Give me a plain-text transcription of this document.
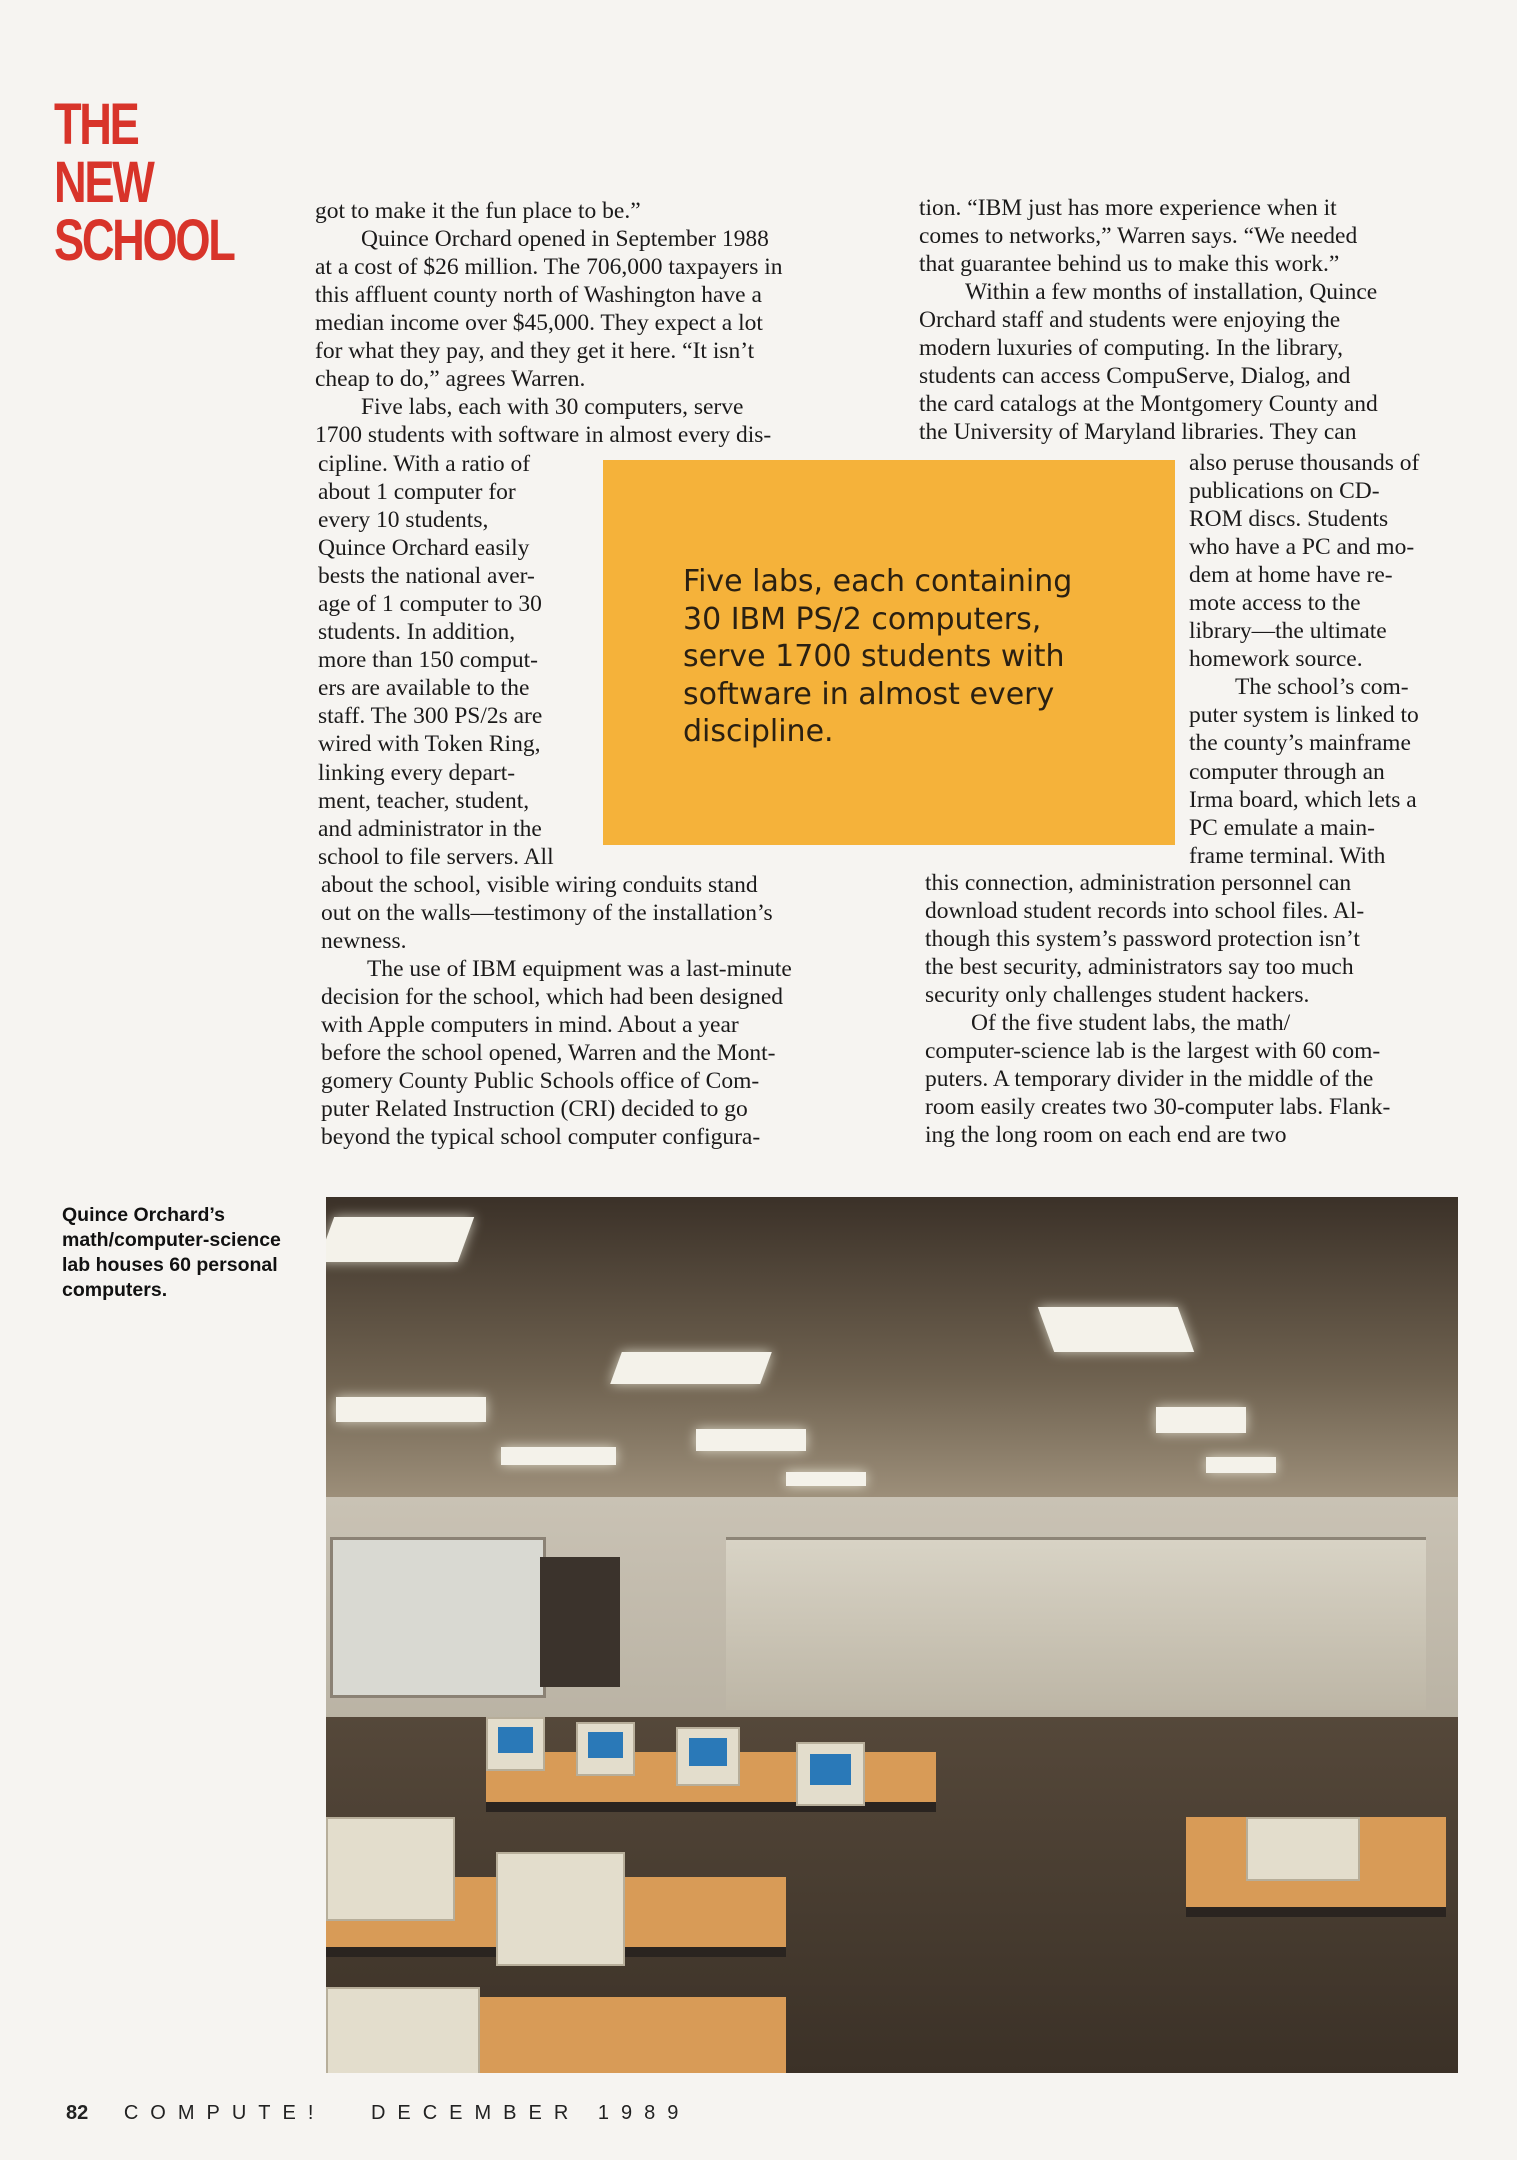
THE
NEW
SCHOOL	got to make it the fun place to be.”
Quince Orchard opened in September 1988
at a cost of $26 million. The 706,000 taxpayers in
this affluent county north of Washington have a
median income over $45,000. They expect a lot
for what they pay, and they get it here. “It isn’t
cheap to do,” agrees Warren.
Five labs, each with 30 computers, serve
1700 students with software in almost every dis-
cipline. With a ratio of
about 1 computer for
every 10 students,
Quince Orchard easily
bests the national aver-
age of 1 computer to 30
students. In addition,
more than 150 comput-
ers are available to the
staff. The 300 PS/2s are
wired with Token Ring,
linking every depart-
ment, teacher, student,
and administrator in the
school to file servers. All
about the school, visible wiring conduits stand
out on the walls—testimony of the installation’s
newness.
The use of IBM equipment was a last-minute
decision for the school, which had been designed
with Apple computers in mind. About a year
before the school opened, Warren and the Mont-
gomery County Public Schools office of Com-
puter Related Instruction (CRI) decided to go
beyond the typical school computer configura-
tion. “IBM just has more experience when it
comes to networks,” Warren says. “We needed
that guarantee behind us to make this work.”
Within a few months of installation, Quince
Orchard staff and students were enjoying the
modern luxuries of computing. In the library,
students can access CompuServe, Dialog, and
the card catalogs at the Montgomery County and
the University of Maryland libraries. They can
also peruse thousands of
publications on CD-
ROM discs. Students
who have a PC and mo-
dem at home have re-
mote access to the
library—the ultimate
homework source.
The school’s com-
puter system is linked to
the county’s mainframe
computer through an
Irma board, which lets a
PC emulate a main-
frame terminal. With
this connection, administration personnel can
download student records into school files. Al-
though this system’s password protection isn’t
the best security, administrators say too much
security only challenges student hackers.
Of the five student labs, the math/
computer-science lab is the largest with 60 com-
puters. A temporary divider in the middle of the
room easily creates two 30-computer labs. Flank-
ing the long room on each end are two
Five labs, each containing
30 IBM PS/2 computers,
serve 1700 students with
software in almost every
discipline.
Quince Orchard’s
math/computer-science
lab houses 60 personal
computers.
82 COMPUTE! DECEMBER 1989
